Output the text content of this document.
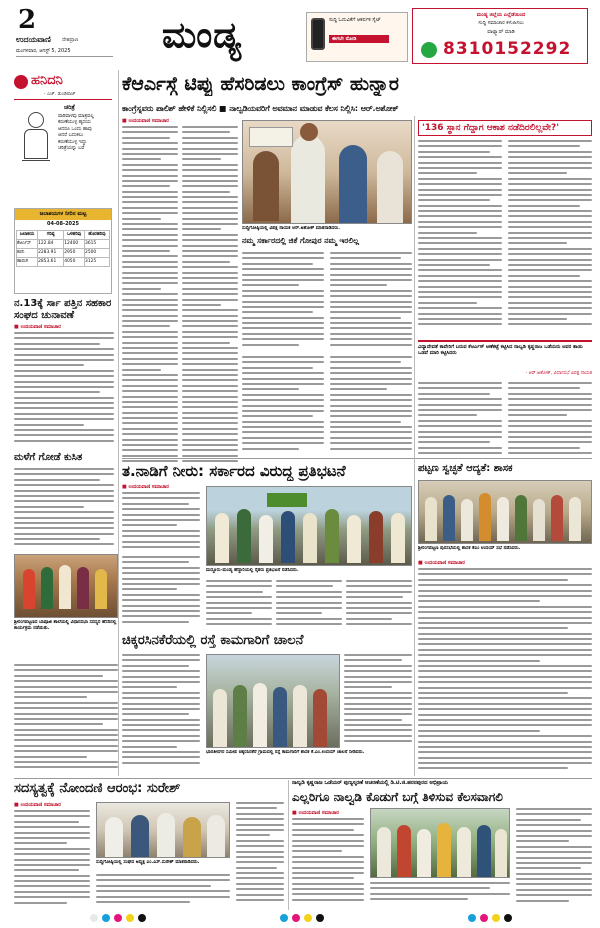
2
ಉದಯವಾಣಿ ದೇಶಪ್ರಾಣ
ಮಂಗಳವಾರ, ಆಗಸ್ಟ್ 5, 2025	ಮಂಡ್ಯ	ಸುದ್ದಿ ಓದುವಿಕೆಗೆ ಆಕರ್ಷಕ ಸೈಟ್
ಈಗಲೇ ನೋಡಿ
ಮಂಡ್ಯ ಜಿಲ್ಲೆಯ ಎಲ್ಲೆಡೆಯಿಂದ
ಸುದ್ದಿ ಸಮಾಚಾರ ಕಳುಹಿಸಲು
ವಾಟ್ಸ್ಯಾಪ್ ಮಾಡಿ
8310152292
ಹನಿದನಿ
- ಎಚ್. ಡುಂಡಿರಾಜ್
ಚರಿತ್ರೆ
ಪಾರಿವಾಳವು ಮಾತ್ರವಲ್ಲ
ಕರುಣೆಯುಳ್ಳ ಹೃದಯ
ಆದರೂ ಒಂದು ಹಾವು
ಆದರೆ ಬದುಕಲು
ಕರುಣೆಯುಳ್ಳ ಇದ್ದು
ಚರಿತ್ರೆಯನ್ನು ಬರೆ
ಜಲಾಶಯಗಳ ನೀರಿನ ಮಟ್ಟ
04-08-2025
ಜಲಾಶಯ	ಗರಿಷ್ಠ	ಒಳಹರಿವು	ಹೊರಹರಿವು
ಕೆಆರ್ಎಸ್	122.84	12400	3615
ಕಬಿನಿ	2283.91	2950	2500
ಹಾರಂಗಿ	2853.61	4050	3125
ನ.13ಕ್ಕೆ ರ್ಸಾ ಪತ್ತಿನ ಸಹಕಾರ ಸಂಘದ ಚುನಾವಣೆ
■ ಉದಯವಾಣಿ ಸಮಾಚಾರ
ಮಳೆಗೆ ಗೋಡೆ ಕುಸಿತ
ಶ್ರೀರಂಗಪಟ್ಟಣದ ಬಾಪೂಜಿ ಶಾಲೆಯಲ್ಲಿ ವಿಧಾನಸಭಾ ಸದಸ್ಯರ ಹೆಸರಿನಲ್ಲಿ ಕಾರ್ಯಕ್ರಮ ನಡೆಯಿತು.
ಕೆಆರ್ಎಸ್ಗೆ ಟಿಪ್ಪು ಹೆಸರಿಡಲು ಕಾಂಗ್ರೆಸ್ ಹುನ್ನಾರ
ಕಾಂಗ್ರೆಸ್ನವರು ಪಾಲಿಶ್ ಹೇಳಿಕೆ ನಿಲ್ಲಿಸಲಿ ■ ನಾಲ್ವಡಿಯವರಿಗೆ ಅವಮಾನ ಮಾಡುವ ಕೆಲಸ ನಿಲ್ಲಿಸಿ: ಆರ್.ಅಶೋಕ್
■ ಉದಯವಾಣಿ ಸಮಾಚಾರ
ಸುದ್ದಿಗೋಷ್ಠಿಯಲ್ಲಿ ವಿಪಕ್ಷ ನಾಯಕ ಆರ್.ಅಶೋಕ್ ಮಾತನಾಡಿದರು.
'136 ಸ್ಥಾನ ಗೆದ್ದಾಗ ಆಕಾಶ ನಡೆದಿರಲಿಲ್ಲವೇ?'
ನಮ್ಮ ಸರ್ಕಾರದಲ್ಲಿ ಜಿಕೆ ಗೋಪುರ ನಮ್ಮ ಇರಲಿಲ್ಲ
ವಿದ್ಯಾದೇವತೆ ಕಾವೇರಿಗೆ ಬರುವ ಕೆಆರ್ಎಸ್ ಅಣೆಕಟ್ಟೆ ಕಟ್ಟಿಸಿದ ನಾಲ್ವಡಿ ಕೃಷ್ಣರಾಜ ಒಡೆಯರು ಅವರ ತಾಯಿ ಒಡವೆ ಮಾರಿ ಕಟ್ಟಿಸಿದರು
- ಆರ್.ಅಶೋಕ್, ವಿಧಾನಸಭೆ ವಿಪಕ್ಷ ನಾಯಕ
ತ.ನಾಡಿಗೆ ನೀರು: ಸರ್ಕಾರದ ವಿರುದ್ಧ ಪ್ರತಿಭಟನೆ
■ ಉದಯವಾಣಿ ಸಮಾಚಾರ
ಮದ್ದೂರು-ಮಂಡ್ಯ ಹೆದ್ದಾರಿಯಲ್ಲಿ ರೈತರು ಪ್ರತಿಭಟನೆ ನಡೆಸಿದರು.
ಪಟ್ಟಣ ಸ್ವಚ್ಛತೆ ಆದ್ಯತೆ: ಶಾಸಕ
ಶ್ರೀರಂಗಪಟ್ಟಣ ಪುರಸಭೆಯಲ್ಲಿ ಶಾಸಕ ಕೆಎಂ ಉದಯ್ ಸಭೆ ನಡೆಸಿದರು.
■ ಉದಯವಾಣಿ ಸಮಾಚಾರ
ಚಿಕ್ಕರಸಿನಕೆರೆಯಲ್ಲಿ ರಸ್ತೆ ಕಾಮಗಾರಿಗೆ ಚಾಲನೆ
ಭಾರತೀನಗರ ಸಮೀಪ ಚಿಕ್ಕರಸಿನಕೆರೆ ಗ್ರಾಮದಲ್ಲಿ ರಸ್ತೆ ಕಾಮಗಾರಿಗೆ ಶಾಸಕ ಕೆ.ಎಂ.ಉದಯ್ ಚಾಲನೆ ನೀಡಿದರು.
ಸದಸ್ಯತ್ವಕ್ಕೆ ನೋಂದಣಿ ಆರಂಭ: ಸುರೇಶ್
■ ಉದಯವಾಣಿ ಸಮಾಚಾರ
ಸುದ್ದಿಗೋಷ್ಠಿಯಲ್ಲಿ ಸಂಘದ ಅಧ್ಯಕ್ಷ ಎಂ.ಎಸ್.ಸುರೇಶ್ ಮಾತನಾಡಿದರು.
ನಾಲ್ವಡಿ ಕೃಷ್ಣರಾಜ ಒಡೆಯರ್ ಪುಣ್ಯಸ್ಮರಣೆ ಆಚರಣೆಯಲ್ಲಿ ಡಿ.ಟಿ.ಜಿ.ಹರನಪುರದ ಅಭಿಪ್ರಾಯ
ಎಲ್ಲರಿಗೂ ನಾಲ್ವಡಿ ಕೊಡುಗೆ ಬಗ್ಗೆ ತಿಳಿಸುವ ಕೆಲಸವಾಗಲಿ
■ ಉದಯವಾಣಿ ಸಮಾಚಾರ
